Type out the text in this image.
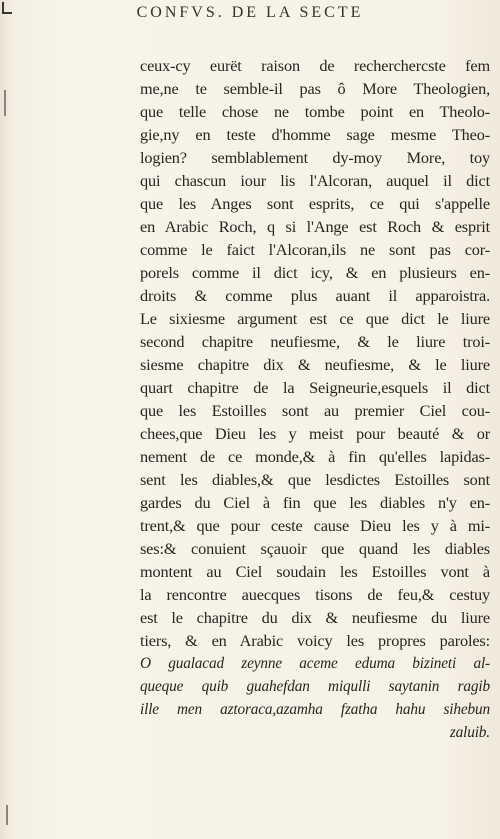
CONFVS. DE LA SECTE
ceux-cy eurët raison de recherchercste fem
me,ne te semble-il pas ô More Theologien,
que telle chose ne tombe point en Theolo-
gie,ny en teste d'homme sage mesme Theo-
logien? semblablement dy-moy More, toy
qui chascun iour lis l'Alcoran, auquel il dict
que les Anges sont esprits, ce qui s'appelle
en Arabic Roch, q si l'Ange est Roch & esprit
comme le faict l'Alcoran,ils ne sont pas cor-
porels comme il dict icy, & en plusieurs en-
droits & comme plus auant il apparoistra.
Le sixiesme argument est ce que dict le liure
second chapitre neufiesme, & le liure troi-
siesme chapitre dix & neufiesme, & le liure
quart chapitre de la Seigneurie,esquels il dict
que les Estoilles sont au premier Ciel cou-
chees,que Dieu les y meist pour beauté & or
nement de ce monde,& à fin qu'elles lapidas-
sent les diables,& que lesdictes Estoilles sont
gardes du Ciel à fin que les diables n'y en-
trent,& que pour ceste cause Dieu les y à mi-
ses:& conuient sçauoir que quand les diables
montent au Ciel soudain les Estoilles vont à
la rencontre auecques tisons de feu,& cestuy
est le chapitre du dix & neufiesme du liure
tiers, & en Arabic voicy les propres paroles:
O gualacad zeynne aceme eduma bizineti al-
queque quib guahefdan miqulli saytanin ragib
ille men aztoraca,azamha fzatha hahu sihebun
zaluib.
